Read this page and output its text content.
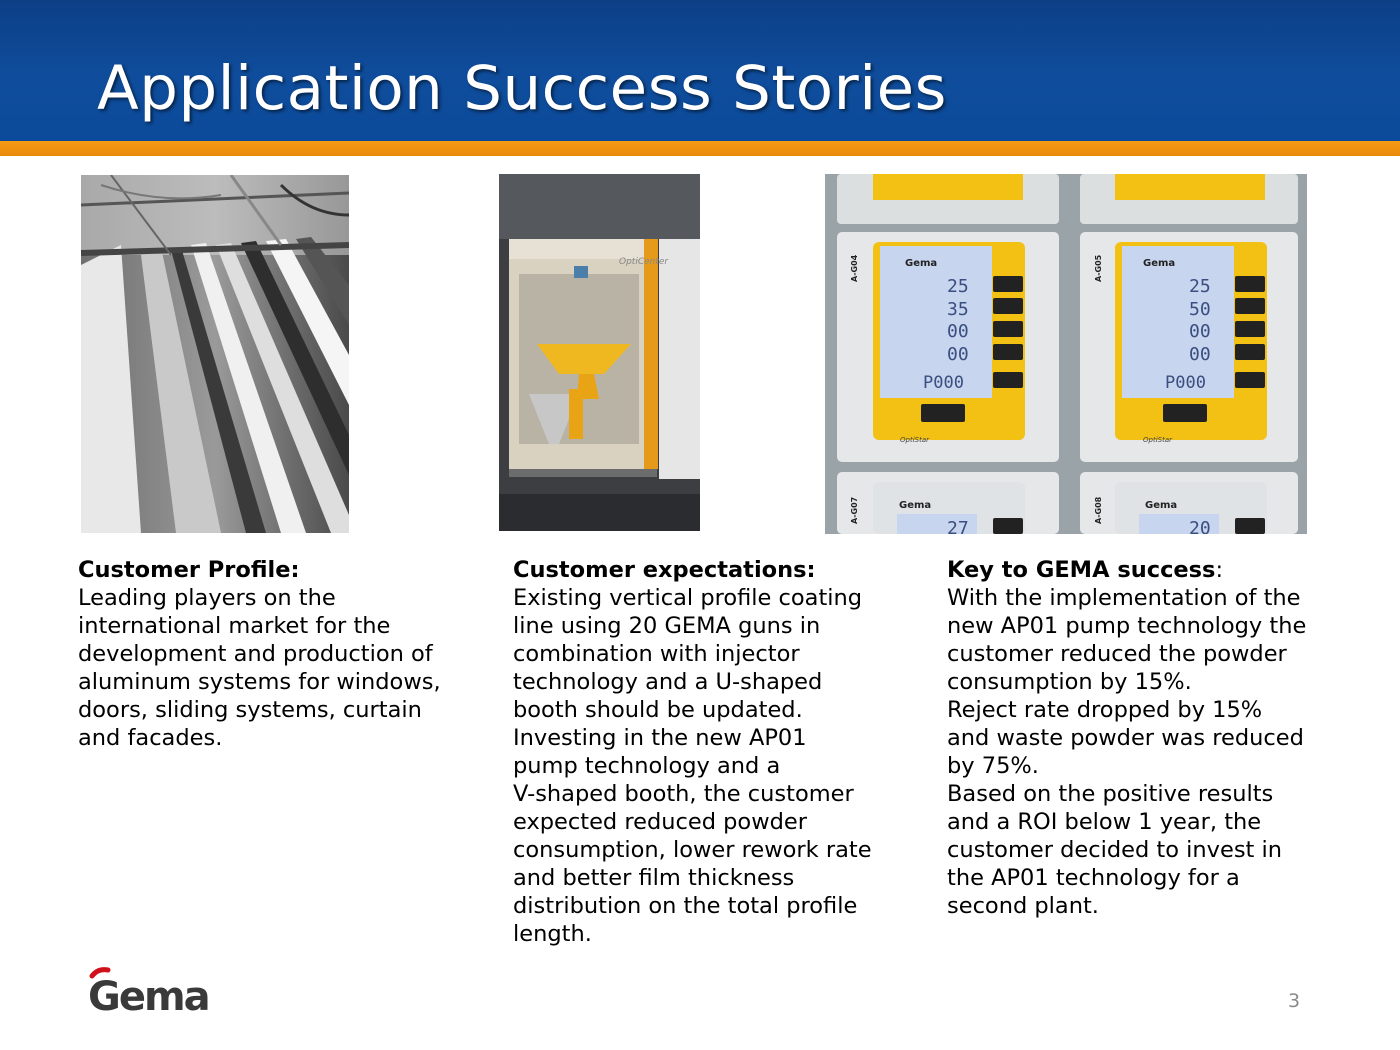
Application Success Stories
OptiCenter	A-G04	Gema
25
35
00
00
P000
OptiStar
A-G05	Gema
25
50
00
00
P000
OptiStar
A-G07	Gema
27
A-G08	Gema
20

Customer Profile:

Leading players on the

international market for the

development and production of

aluminum systems for windows,

doors, sliding systems, curtain

and facades.

Customer expectations:

Existing vertical profile coating

line using 20 GEMA guns in

combination with injector

technology and a U-shaped

booth should be updated.

Investing in the new AP01

pump technology and a

V-shaped booth, the customer

expected reduced powder

consumption, lower rework rate

and better film thickness

distribution on the total profile

length.

Key to GEMA success:

With the implementation of the

new AP01 pump technology the

customer reduced the powder

consumption by 15%.

Reject rate dropped by 15%

and waste powder was reduced

by 75%.

Based on the positive results

and a ROI below 1 year, the

customer decided to invest in

the AP01 technology for a

second plant.

Gema	3
